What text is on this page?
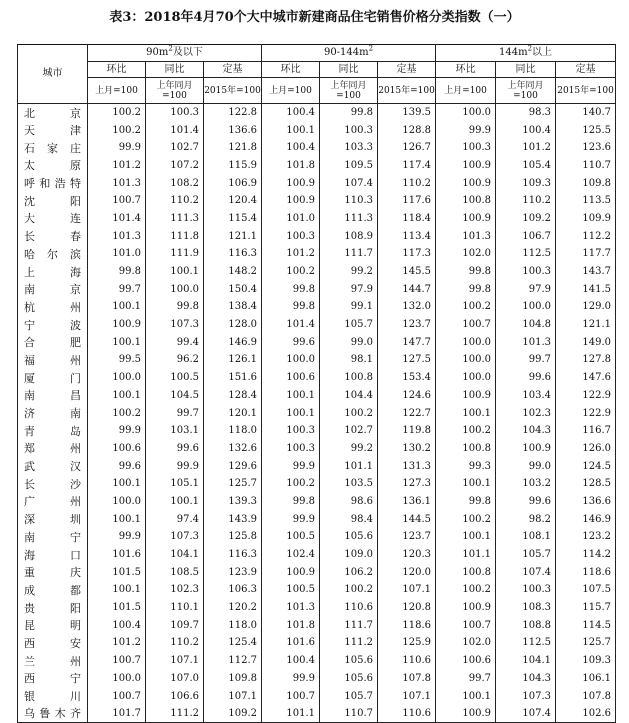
表3：2018年4月70个大中城市新建商品住宅销售价格分类指数（一）
城市	$90m^2$及以下			$90-144m^2$			$144m^2$以上		
	环比	同比	定基	环比	同比	定基	环比	同比	定基
	上月=100	上年同月=100	2015年=100	上月=100	上年同月=100	2015年=100	上月=100	上年同月=100	2015年=100
北京	100.2	100.3	122.8	100.4	99.8	139.5	100.0	98.3	140.7
天津	100.2	101.4	136.6	100.1	100.3	128.8	99.9	100.4	125.5
石家庄	99.9	102.7	121.8	100.4	103.3	126.7	100.3	101.2	123.6
太原	101.2	107.2	115.9	101.8	109.5	117.4	100.9	105.4	110.7
呼和浩特	101.3	108.2	106.9	100.9	107.4	110.2	100.9	109.3	109.8
沈阳	100.7	110.2	120.4	100.9	110.3	117.6	100.8	110.2	113.5
大连	101.4	111.3	115.4	101.0	111.3	118.4	100.9	109.2	109.9
长春	101.3	111.8	121.1	100.3	108.9	113.4	101.3	106.7	112.2
哈尔滨	101.0	111.9	116.3	101.2	111.7	117.3	102.0	112.5	117.7
上海	99.8	100.1	148.2	100.2	99.2	145.5	99.8	100.3	143.7
南京	99.7	100.0	150.4	99.8	97.9	144.7	99.8	97.9	141.5
杭州	100.1	99.8	138.4	99.8	99.1	132.0	100.2	100.0	129.0
宁波	100.9	107.3	128.0	101.4	105.7	123.7	100.7	104.8	121.1
合肥	100.1	99.4	146.9	99.6	99.0	147.7	100.0	101.3	149.0
福州	99.5	96.2	126.1	100.0	98.1	127.5	100.0	99.7	127.8
厦门	100.0	100.5	151.6	100.6	100.8	153.4	100.0	99.6	147.6
南昌	100.1	104.5	128.4	100.1	104.4	124.6	100.9	103.4	122.9
济南	100.2	99.7	120.1	100.1	100.2	122.7	100.1	102.3	122.9
青岛	99.9	103.1	118.0	100.3	102.7	119.8	100.2	104.3	116.7
郑州	100.6	99.6	132.6	100.3	99.2	130.2	100.8	100.9	126.0
武汉	99.6	99.9	129.6	99.9	101.1	131.3	99.3	99.0	124.5
长沙	100.1	105.1	125.7	100.2	103.5	127.3	100.1	103.2	128.5
广州	100.0	100.1	139.3	99.8	98.6	136.1	99.8	99.6	136.6
深圳	100.1	97.4	143.9	99.9	98.4	144.5	100.2	98.2	146.9
南宁	99.9	107.3	125.8	100.5	105.6	123.7	100.1	108.1	123.2
海口	101.6	104.1	116.3	102.4	109.0	120.3	101.1	105.7	114.2
重庆	101.5	108.5	123.9	100.9	106.2	120.0	100.8	107.4	118.6
成都	100.1	102.3	106.3	100.5	100.2	107.1	100.2	100.3	107.5
贵阳	101.5	110.1	120.2	101.3	110.6	120.8	100.9	108.3	115.7
昆明	100.4	109.7	118.0	101.8	111.7	118.6	100.7	108.8	114.5
西安	101.2	110.2	125.4	101.6	111.2	125.9	102.0	112.5	125.7
兰州	100.7	107.1	112.7	100.4	105.6	110.6	100.6	104.1	109.3
西宁	100.0	107.0	109.8	99.9	105.6	107.8	99.7	104.3	106.1
银川	100.7	106.6	107.1	100.7	105.7	107.1	100.1	107.3	107.8
乌鲁木齐	101.7	111.2	109.2	101.1	110.7	110.6	100.9	107.4	102.6
